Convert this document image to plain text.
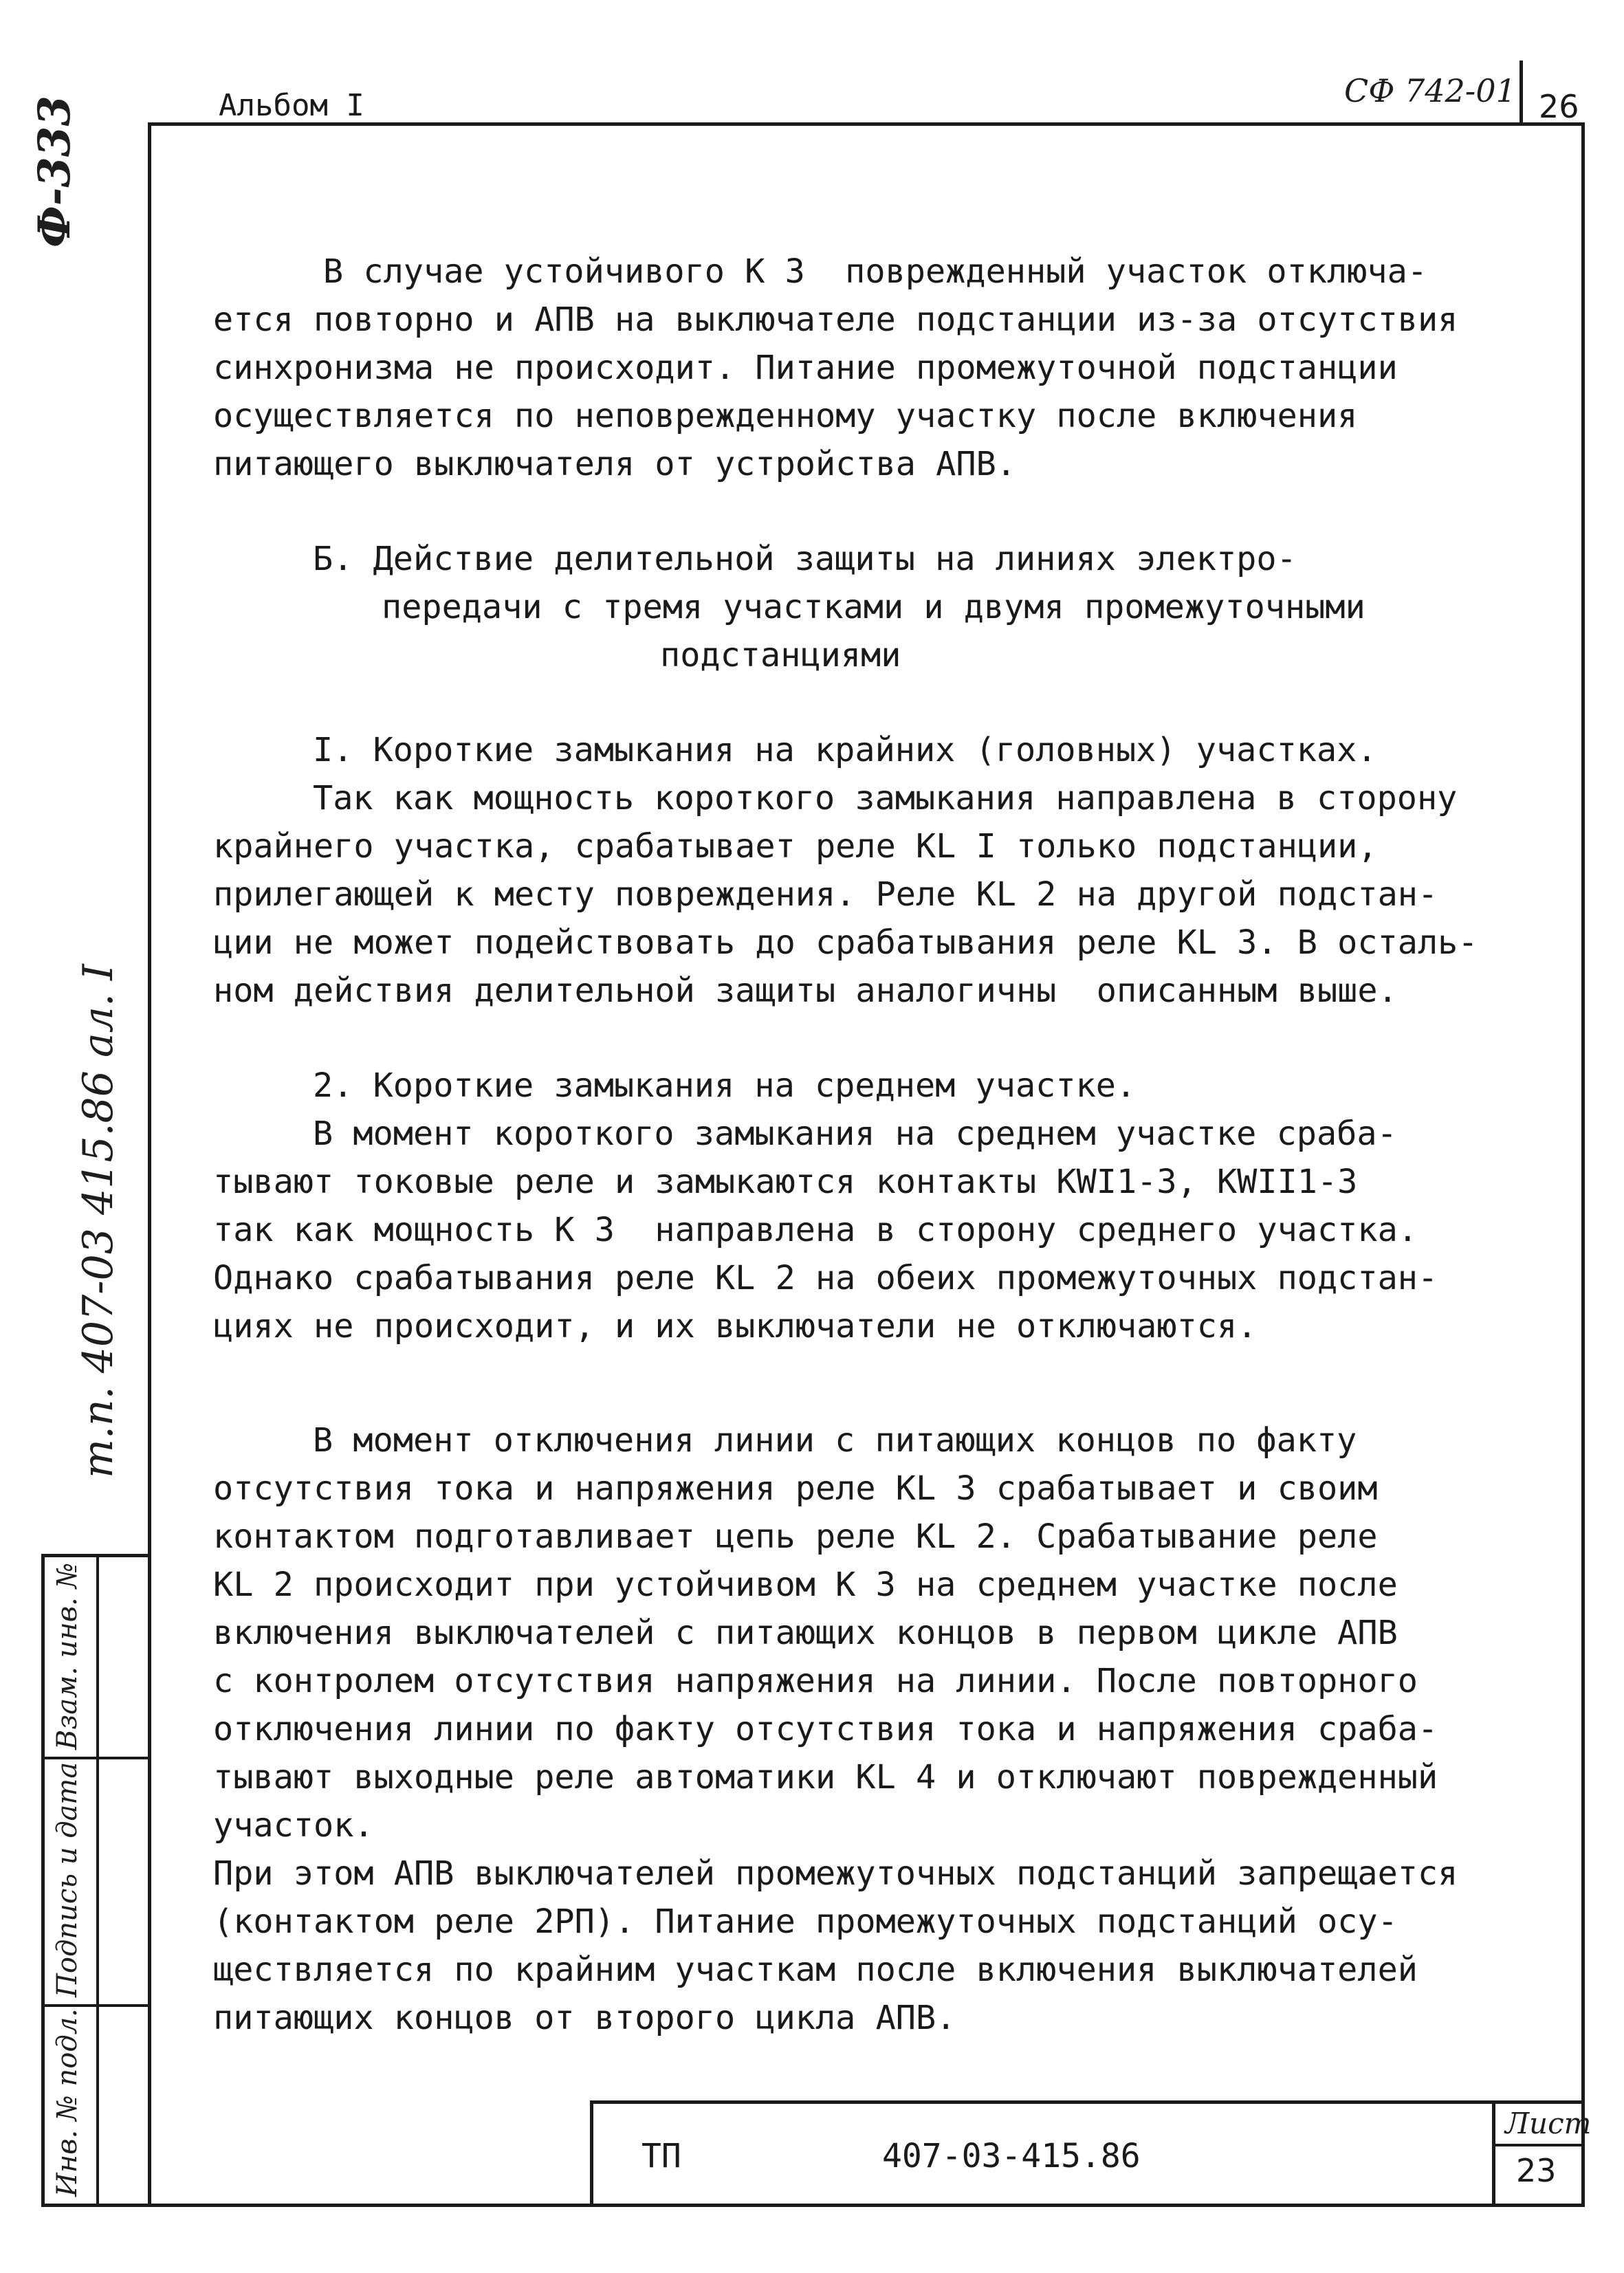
Альбом I	СФ 742-01 26
Ф-333
т.п. 407-03 415.86 ал. I
Взам. инв. №
Подпись и дата
Инв. № подл.

В случае устойчивого К З  поврежденный участок отключа-

ется повторно и АПВ на выключателе подстанции из-за отсутствия

синхронизма не происходит. Питание промежуточной подстанции

осуществляется по неповрежденному участку после включения

питающего выключателя от устройства АПВ.

Б. Действие делительной защиты на линиях электро-

передачи с тремя участками и двумя промежуточными

подстанциями

I. Короткие замыкания на крайних (головных) участках.

Так как мощность короткого замыкания направлена в сторону

крайнего участка, срабатывает реле КL I только подстанции,

прилегающей к месту повреждения. Реле КL 2 на другой подстан-

ции не может подействовать до срабатывания реле КL 3. В осталь-

ном действия делительной защиты аналогичны  описанным выше.

2. Короткие замыкания на среднем участке.

В момент короткого замыкания на среднем участке сраба-

тывают токовые реле и замыкаются контакты КWI1-3, КWII1-3

так как мощность К З  направлена в сторону среднего участка.

Однако срабатывания реле КL 2 на обеих промежуточных подстан-

циях не происходит, и их выключатели не отключаются.

В момент отключения линии с питающих концов по факту

отсутствия тока и напряжения реле КL 3 срабатывает и своим

контактом подготавливает цепь реле КL 2. Срабатывание реле

КL 2 происходит при устойчивом К З на среднем участке после

включения выключателей с питающих концов в первом цикле АПВ

с контролем отсутствия напряжения на линии. После повторного

отключения линии по факту отсутствия тока и напряжения сраба-

тывают выходные реле автоматики КL 4 и отключают поврежденный

участок.

При этом АПВ выключателей промежуточных подстанций запрещается

(контактом реле 2РП). Питание промежуточных подстанций осу-

ществляется по крайним участкам после включения выключателей

питающих концов от второго цикла АПВ.

ТП	407-03-415.86
Лист
23
